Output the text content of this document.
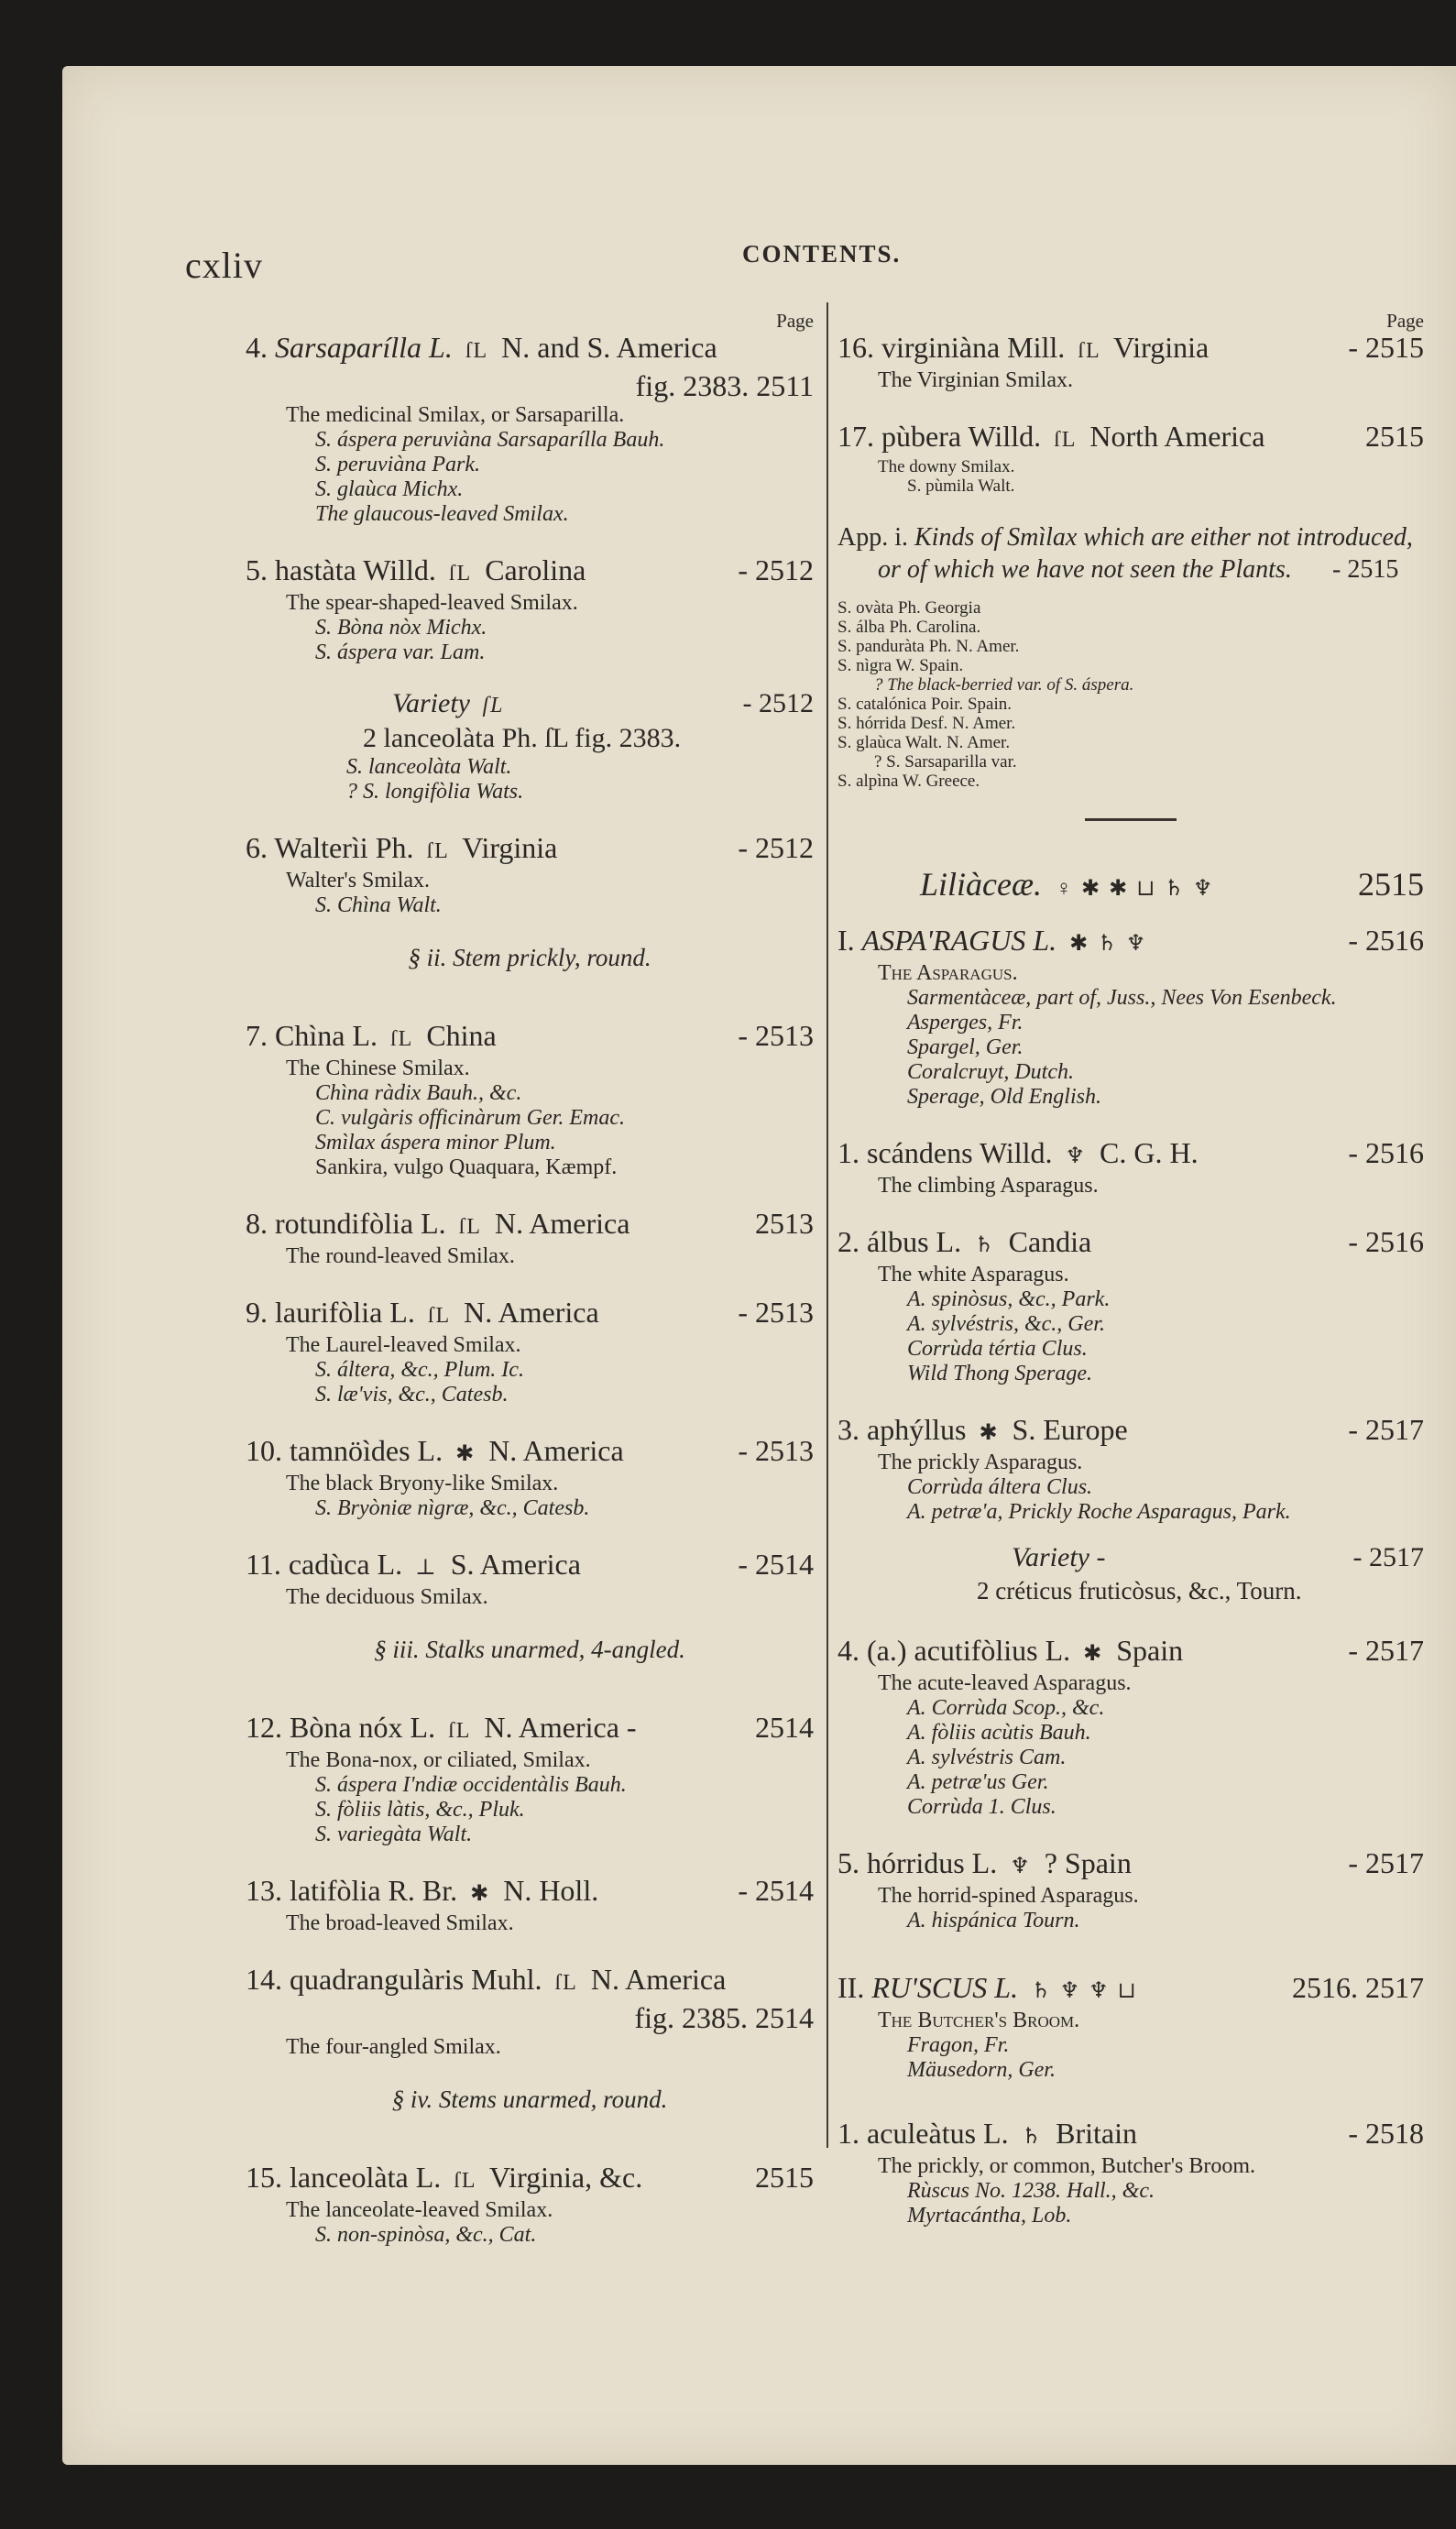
cxliv	CONTENTS.
Page
4. Sarsaparílla L. ſL N. and S. America
fig. 2383. 2511
The medicinal Smilax, or Sarsaparilla.
S. áspera peruviàna Sarsaparílla Bauh.
S. peruviàna Park.
S. glaùca Michx.
The glaucous-leaved Smilax.
5. hastàta Willd. ſL Carolina	- 2512
The spear-shaped-leaved Smilax.
S. Bòna nòx Michx.
S. áspera var. Lam.
Variety ſL	- 2512
2 lanceolàta Ph. ſL fig. 2383.
S. lanceolàta Walt.
? S. longifòlia Wats.
6. Walterìi Ph. ſL Virginia	- 2512
Walter's Smilax.
S. Chìna Walt.
§ ii. Stem prickly, round.
7. Chìna L. ſL China	- 2513
The Chinese Smilax.
Chìna ràdix Bauh., &c.
C. vulgàris officinàrum Ger. Emac.
Smìlax áspera minor Plum.
Sankira, vulgo Quaquara, Kæmpf.
8. rotundifòlia L. ſL N. America	2513
The round-leaved Smilax.
9. laurifòlia L. ſL N. America	- 2513
The Laurel-leaved Smilax.
S. áltera, &c., Plum. Ic.
S. læ'vis, &c., Catesb.
10. tamnöìdes L. ✱ N. America	- 2513
The black Bryony-like Smilax.
S. Bryòniæ nìgræ, &c., Catesb.
11. cadùca L. ⊥ S. America	- 2514
The deciduous Smilax.
§ iii. Stalks unarmed, 4-angled.
12. Bòna nóx L. ſL N. America -	2514
The Bona-nox, or ciliated, Smilax.
S. áspera I'ndiæ occidentàlis Bauh.
S. fòliis làtis, &c., Pluk.
S. variegàta Walt.
13. latifòlia R. Br. ✱ N. Holl.	- 2514
The broad-leaved Smilax.
14. quadrangulàris Muhl. ſL N. America
fig. 2385. 2514
The four-angled Smilax.
§ iv. Stems unarmed, round.
15. lanceolàta L. ſL Virginia, &c.	2515
The lanceolate-leaved Smilax.
S. non-spinòsa, &c., Cat.
Page
16. virginiàna Mill. ſL Virginia	- 2515
The Virginian Smilax.
17. pùbera Willd. ſL North America	2515
The downy Smilax.
S. pùmila Walt.
App. i. Kinds of Smìlax which are either not introduced, or of which we have not seen the Plants. - 2515
S. ovàta Ph. Georgia
S. álba Ph. Carolina.
S. panduràta Ph. N. Amer.
S. nìgra W. Spain.
? The black-berried var. of S. áspera.
S. catalónica Poir. Spain.
S. hórrida Desf. N. Amer.
S. glaùca Walt. N. Amer.
? S. Sarsaparilla var.
S. alpìna W. Greece.
Liliàceæ. ♀ ✱ ✱ ⊔ ♄ ♆	2515
I. ASPA'RAGUS L. ✱ ♄ ♆	- 2516
The Asparagus.
Sarmentàceæ, part of, Juss., Nees Von Esenbeck.
Asperges, Fr.
Spargel, Ger.
Coralcruyt, Dutch.
Sperage, Old English.
1. scándens Willd. ♆ C. G. H.	- 2516
The climbing Asparagus.
2. álbus L. ♄ Candia	- 2516
The white Asparagus.
A. spinòsus, &c., Park.
A. sylvéstris, &c., Ger.
Corrùda tértia Clus.
Wild Thong Sperage.
3. aphýllus ✱ S. Europe	- 2517
The prickly Asparagus.
Corrùda áltera Clus.
A. petræ'a, Prickly Roche Asparagus, Park.
Variety -	- 2517
2 créticus fruticòsus, &c., Tourn.
4. (a.) acutifòlius L. ✱ Spain	- 2517
The acute-leaved Asparagus.
A. Corrùda Scop., &c.
A. fòliis acùtis Bauh.
A. sylvéstris Cam.
A. petræ'us Ger.
Corrùda 1. Clus.
5. hórridus L. ♆ ? Spain	- 2517
The horrid-spined Asparagus.
A. hispánica Tourn.
II. RU'SCUS L. ♄ ♆ ♆ ⊔	2516. 2517
The Butcher's Broom.
Fragon, Fr.
Mäusedorn, Ger.
1. aculeàtus L. ♄ Britain	- 2518
The prickly, or common, Butcher's Broom.
Rùscus No. 1238. Hall., &c.
Myrtacántha, Lob.
